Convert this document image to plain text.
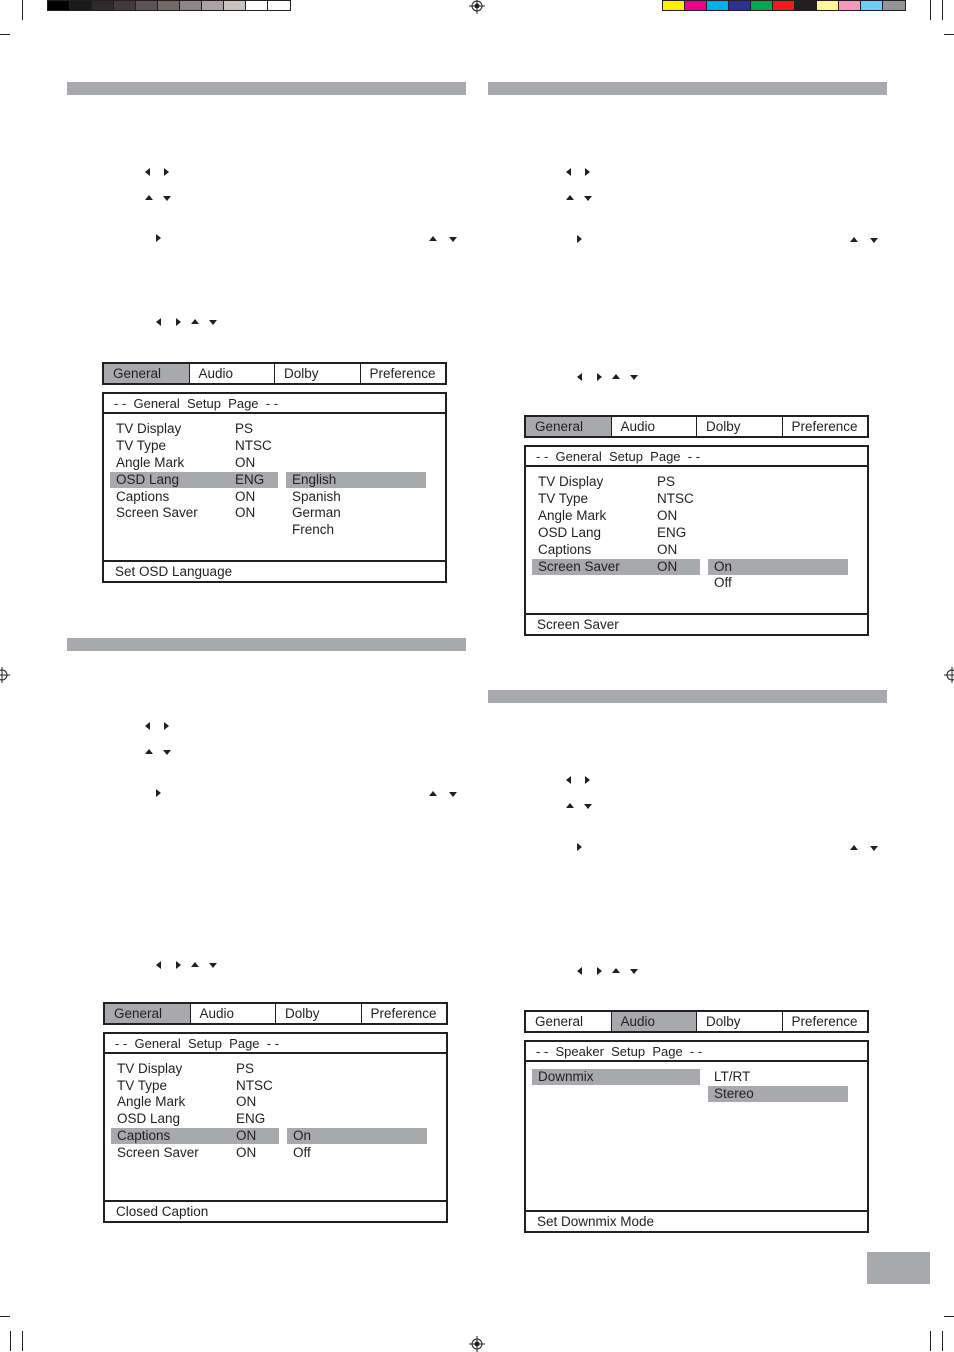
General	Audio	Dolby	Preference
- -  General  Setup  Page  - -
TV Display	PS
TV Type	NTSC
Angle Mark	ON
OSD Lang	ENG
Captions	ON
Screen Saver	ON
English
Spanish
German
French
Set OSD Language
General	Audio	Dolby	Preference
- -  General  Setup  Page  - -
TV Display	PS
TV Type	NTSC
Angle Mark	ON
OSD Lang	ENG
Captions	ON
Screen Saver	ON
On
Off
Closed Caption
General	Audio	Dolby	Preference
- -  General  Setup  Page  - -
TV Display	PS
TV Type	NTSC
Angle Mark	ON
OSD Lang	ENG
Captions	ON
Screen Saver	ON	On
Off
Screen Saver
General	Audio	Dolby	Preference
- -  Speaker  Setup  Page  - -
Downmix	LT/RT
Stereo
Set Downmix Mode
